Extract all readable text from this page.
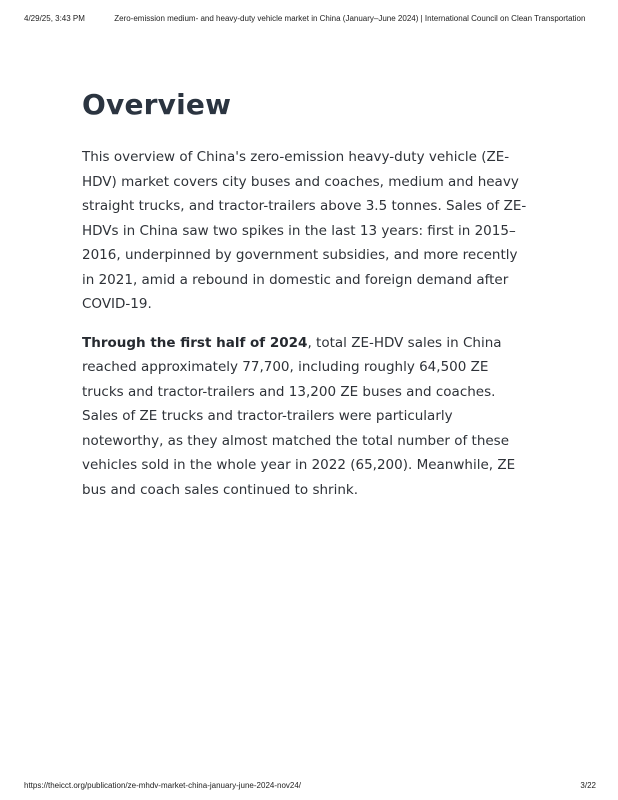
4/29/25, 3:43 PM	Zero-emission medium- and heavy-duty vehicle market in China (January–June 2024) | International Council on Clean Transportation
Overview

This overview of China's zero-emission heavy-duty vehicle (ZE-HDV) market covers city buses and coaches, medium and heavy straight trucks, and tractor-trailers above 3.5 tonnes. Sales of ZE-HDVs in China saw two spikes in the last 13 years: first in 2015–2016, underpinned by government subsidies, and more recently in 2021, amid a rebound in domestic and foreign demand after COVID-19.

Through the first half of 2024, total ZE-HDV sales in China reached approximately 77,700, including roughly 64,500 ZE trucks and tractor-trailers and 13,200 ZE buses and coaches. Sales of ZE trucks and tractor-trailers were particularly noteworthy, as they almost matched the total number of these vehicles sold in the whole year in 2022 (65,200). Meanwhile, ZE bus and coach sales continued to shrink.

https://theicct.org/publication/ze-mhdv-market-china-january-june-2024-nov24/	3/22
